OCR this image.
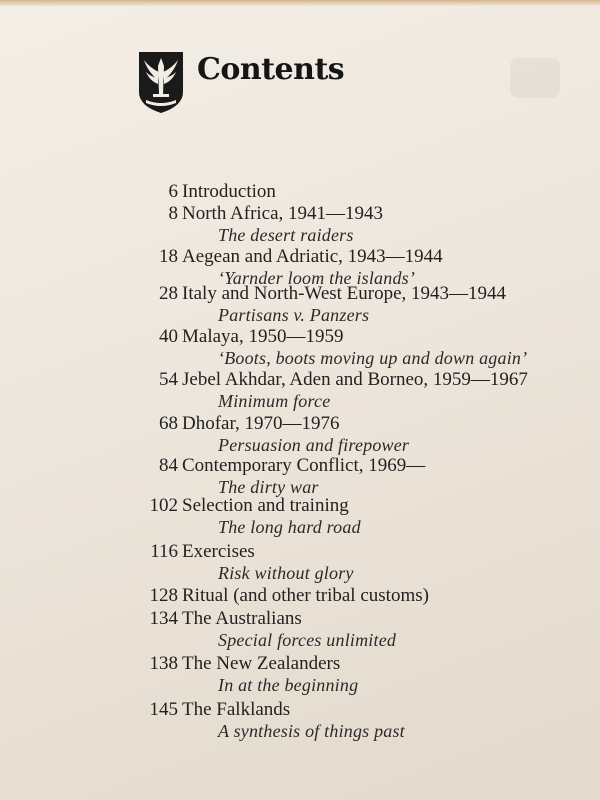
Contents
6 Introduction
8 North Africa, 1941—1943
The desert raiders
18 Aegean and Adriatic, 1943—1944
‘Yarnder loom the islands’
28 Italy and North-West Europe, 1943—1944
Partisans v. Panzers
40 Malaya, 1950—1959
‘Boots, boots moving up and down again’
54 Jebel Akhdar, Aden and Borneo, 1959—1967
Minimum force
68 Dhofar, 1970—1976
Persuasion and firepower
84 Contemporary Conflict, 1969—
The dirty war
102 Selection and training
The long hard road
116 Exercises
Risk without glory
128 Ritual (and other tribal customs)
134 The Australians
Special forces unlimited
138 The New Zealanders
In at the beginning
145 The Falklands
A synthesis of things past
